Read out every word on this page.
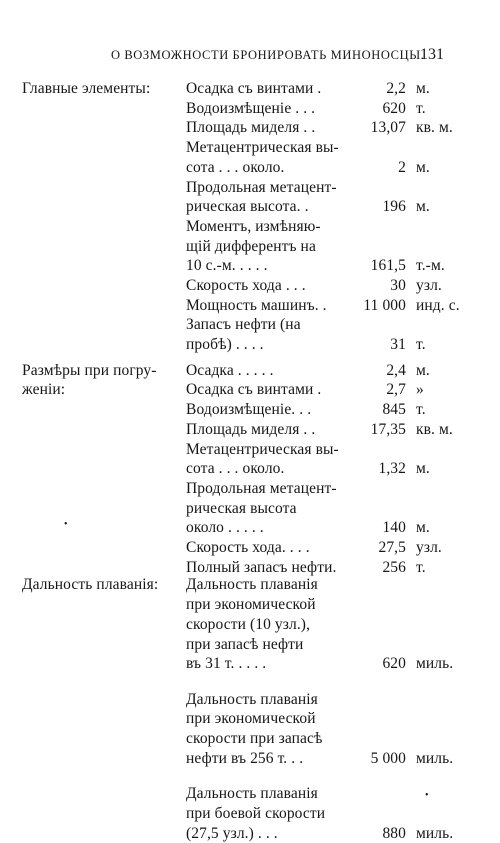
О ВОЗМОЖНОСТИ БРОНИРОВАТЬ МИНОНОСЦЫ.
131
Главные элементы: Осадка съ винтами .	2,2 м.
Водоизмѣщеніе . . .	620 т.
Площадь миделя . .	13,07 кв. м.
Метацентрическая вы-
сота . . . около.	2 м.
Продольная метацент-
рическая высота. .	196 м.
Моментъ, измѣняю-
щій дифферентъ на
10 с.-м. . . . .	161,5 т.-м.
Скорость хода . . .	30 узл.
Мощность машинъ. .	11 000 инд. с.
Запасъ нефти (на
пробѣ) . . . .	31 т.
Размѣры при погру-
женіи:
Осадка . . . . .	2,4 м.
Осадка съ винтами .	2,7 »
Водоизмѣщеніе. . .	845 т.
Площадь миделя . .	17,35 кв. м.
Метацентрическая вы-
сота . . . около.	1,32 м.
Продольная метацент-
рическая высота
около . . . . .	140 м.
Скорость хода. . . .	27,5 узл.
Полный запасъ нефти.	256 т.
Дальность плаванія: Дальность плаванія
при экономической
скорости (10 узл.),
при запасѣ нефти
въ 31 т. . . . .	620 миль.
Дальность плаванія
при экономической
скорости при запасѣ
нефти въ 256 т. . .	5 000 миль.
Дальность плаванія
при боевой скорости
(27,5 узл.) . . .	880 миль.
•
•
